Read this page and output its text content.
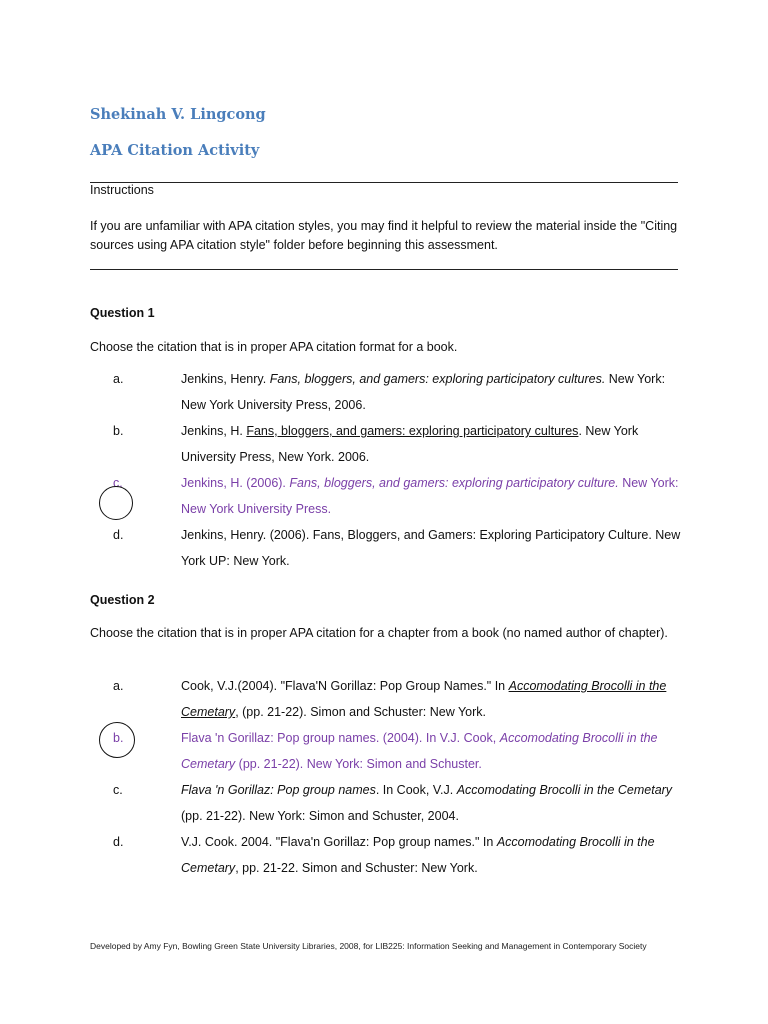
Shekinah V. Lingcong
APA Citation Activity
Instructions
If you are unfamiliar with APA citation styles, you may find it helpful to review the material inside the "Citing sources using APA citation style" folder before beginning this assessment.
Question 1
Choose the citation that is in proper APA citation format for a book.
a.	Jenkins, Henry. Fans, bloggers, and gamers: exploring participatory cultures. New York: New York University Press, 2006.
b.	Jenkins, H. Fans, bloggers, and gamers: exploring participatory cultures. New York University Press, New York. 2006.
c.	Jenkins, H. (2006). Fans, bloggers, and gamers: exploring participatory culture. New York: New York University Press.
d.	Jenkins, Henry. (2006). Fans, Bloggers, and Gamers: Exploring Participatory Culture. New York UP: New York.
Question 2
Choose the citation that is in proper APA citation for a chapter from a book (no named author of chapter).
a.	Cook, V.J.(2004). "Flava'N Gorillaz: Pop Group Names." In Accomodating Brocolli in the Cemetary, (pp. 21-22). Simon and Schuster: New York.
b.	Flava 'n Gorillaz: Pop group names. (2004). In V.J. Cook, Accomodating Brocolli in the Cemetary (pp. 21-22). New York: Simon and Schuster.
c.	Flava 'n Gorillaz: Pop group names. In Cook, V.J. Accomodating Brocolli in the Cemetary (pp. 21-22). New York: Simon and Schuster, 2004.
d.	V.J. Cook. 2004. "Flava'n Gorillaz: Pop group names." In Accomodating Brocolli in the Cemetary, pp. 21-22. Simon and Schuster: New York.
Developed by Amy Fyn, Bowling Green State University Libraries, 2008, for LIB225: Information Seeking and Management in Contemporary Society
